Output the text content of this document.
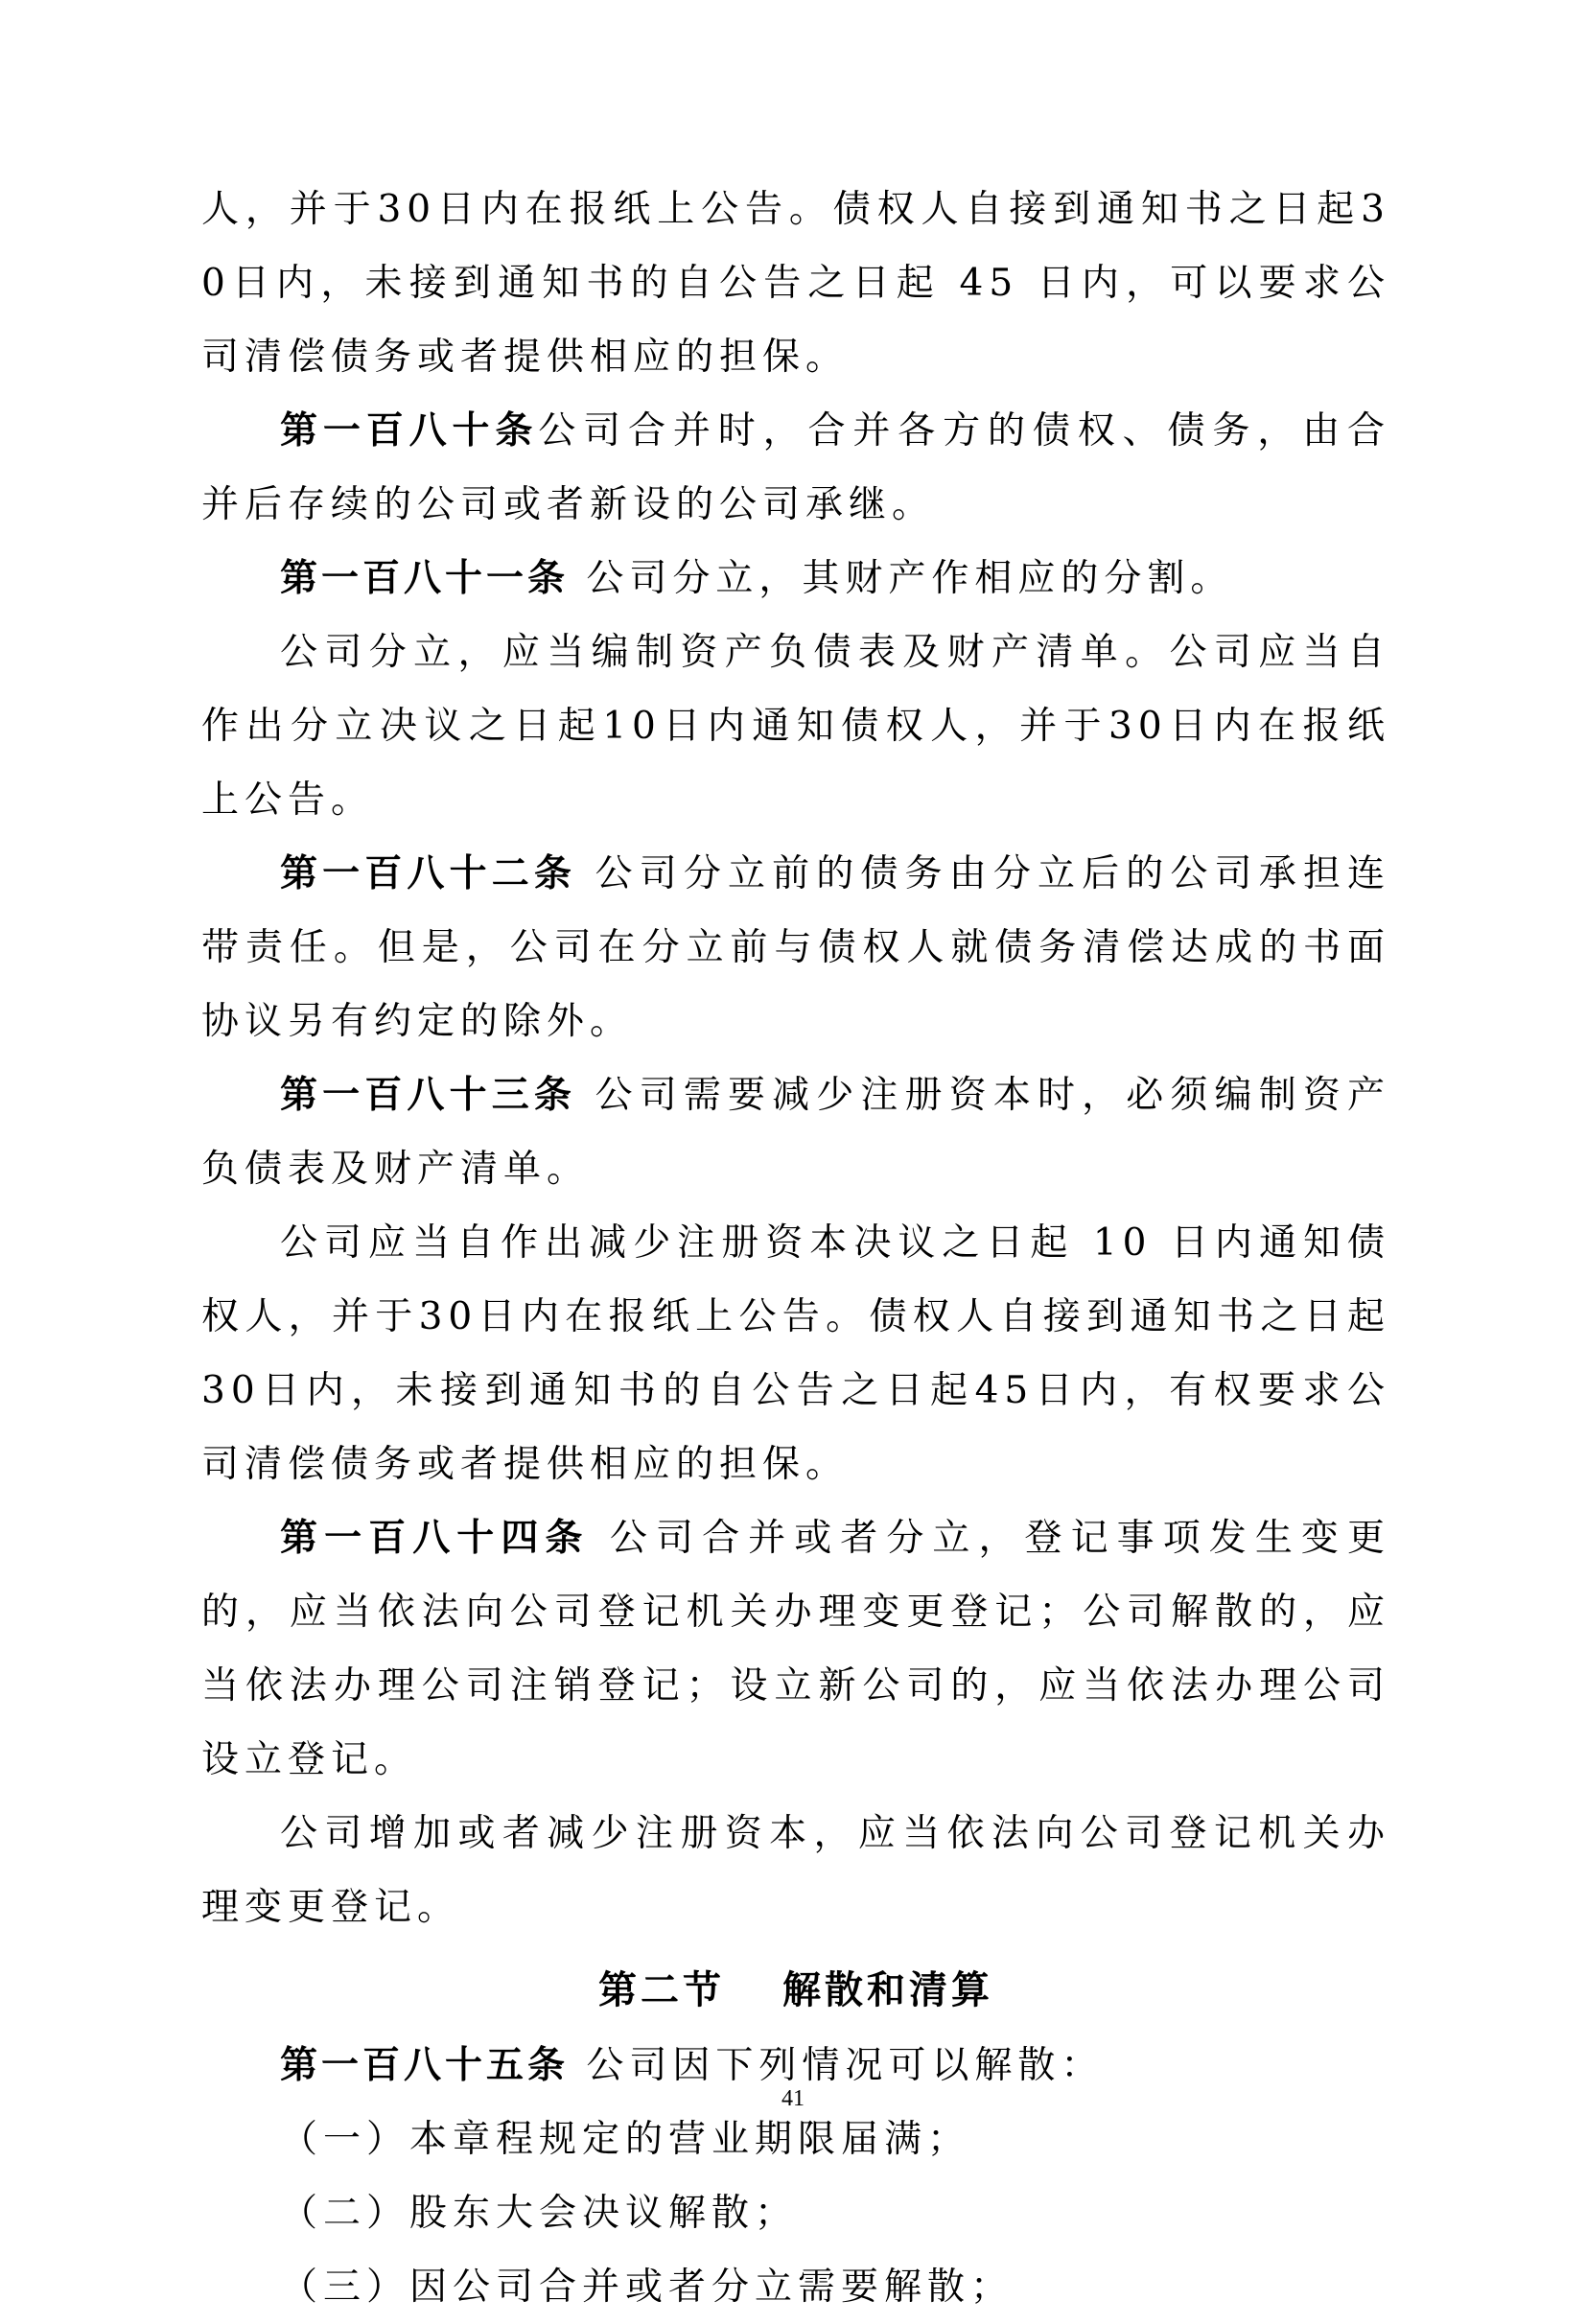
人，并于30日内在报纸上公告。债权人自接到通知书之日起30日内，未接到通知书的自公告之日起 45 日内，可以要求公司清偿债务或者提供相应的担保。

第一百八十条公司合并时，合并各方的债权、债务，由合并后存续的公司或者新设的公司承继。

第一百八十一条 公司分立，其财产作相应的分割。

公司分立，应当编制资产负债表及财产清单。公司应当自作出分立决议之日起10日内通知债权人，并于30日内在报纸上公告。

第一百八十二条 公司分立前的债务由分立后的公司承担连带责任。但是，公司在分立前与债权人就债务清偿达成的书面协议另有约定的除外。

第一百八十三条 公司需要减少注册资本时，必须编制资产负债表及财产清单。

公司应当自作出减少注册资本决议之日起 10 日内通知债权人，并于30日内在报纸上公告。债权人自接到通知书之日起30日内，未接到通知书的自公告之日起45日内，有权要求公司清偿债务或者提供相应的担保。

第一百八十四条 公司合并或者分立，登记事项发生变更的，应当依法向公司登记机关办理变更登记；公司解散的，应当依法办理公司注销登记；设立新公司的，应当依法办理公司设立登记。

公司增加或者减少注册资本，应当依法向公司登记机关办理变更登记。

第二节 解散和清算

第一百八十五条 公司因下列情况可以解散：

（一）本章程规定的营业期限届满；

（二）股东大会决议解散；

（三）因公司合并或者分立需要解散；

41
